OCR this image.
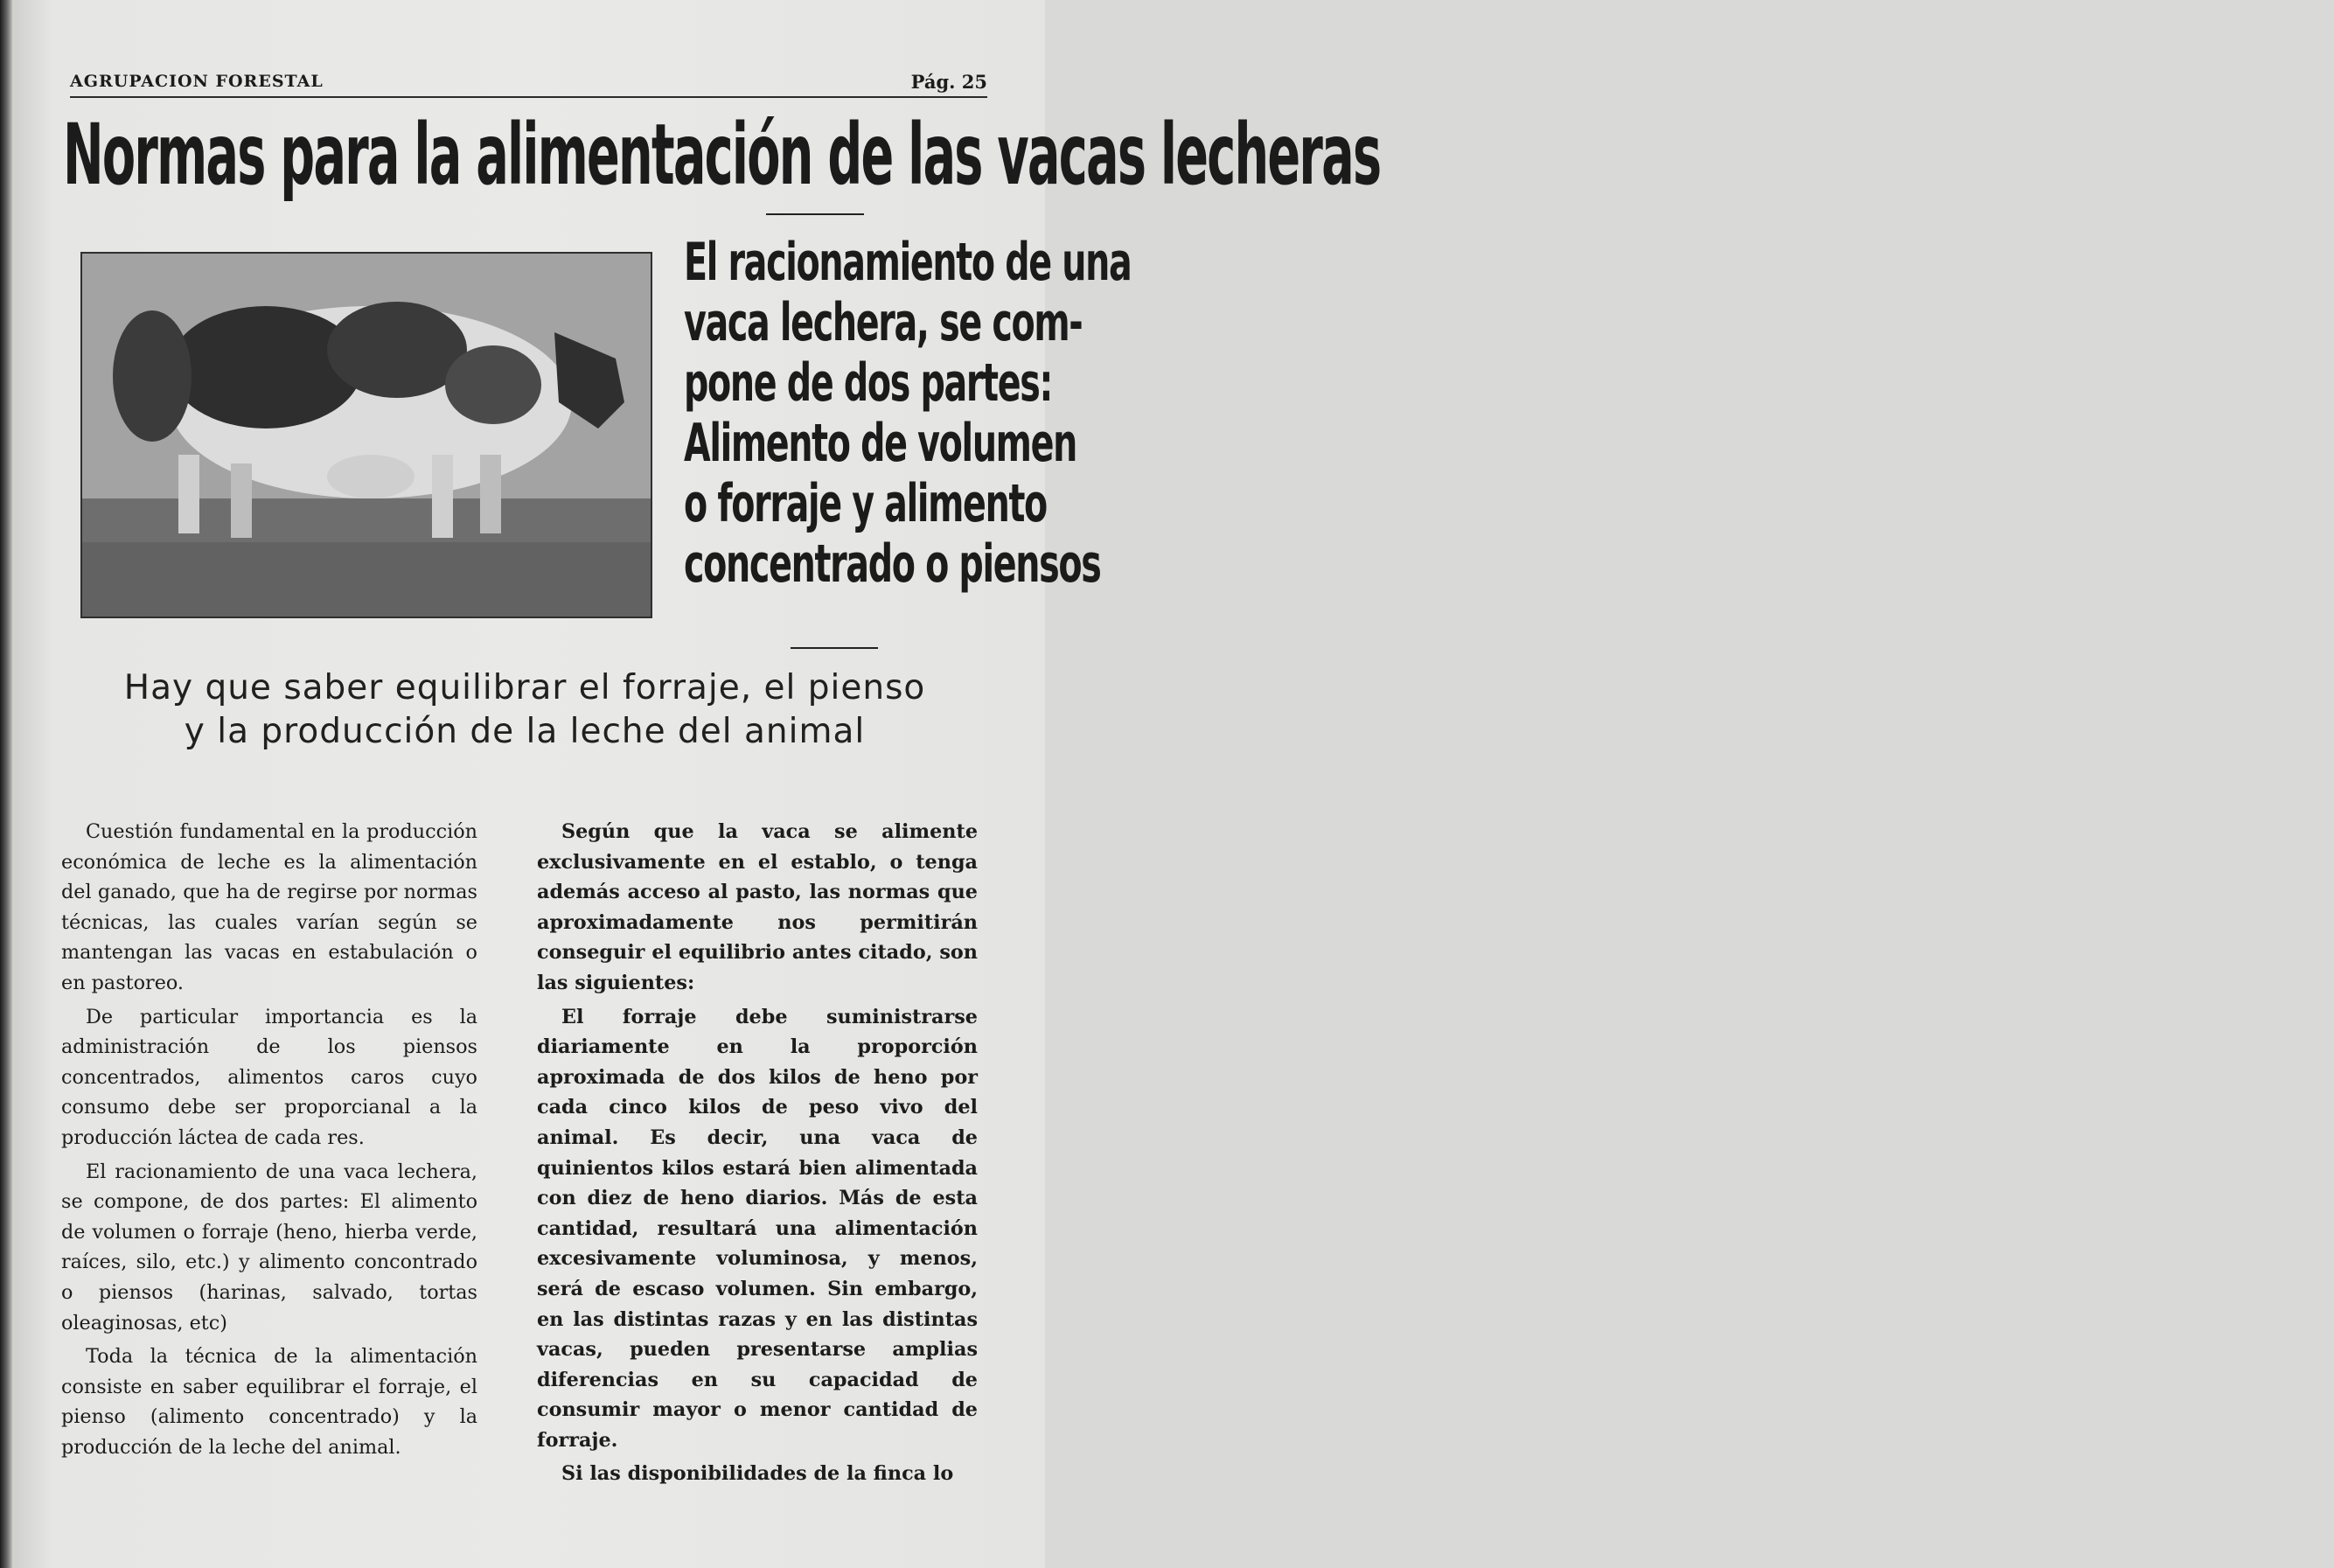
AGRUPACION FORESTAL	Pág. 25
Normas para la alimentación de las vacas lecheras
El racionamiento de una
vaca lechera, se com-
pone de dos partes:
Alimento de volumen
o forraje y alimento
concentrado o piensos
Hay que saber equilibrar el forraje, el pienso
y la producción de la leche del animal

Cuestión fundamental en la producción económica de leche es la alimentación del ganado, que ha de regirse por normas técnicas, las cuales varían según se mantengan las vacas en estabulación o en pastoreo.

De particular importancia es la administración de los piensos concentrados, alimentos caros cuyo consumo debe ser proporcianal a la producción láctea de cada res.

El racionamiento de una vaca lechera, se compone, de dos partes: El alimento de volumen o forraje (heno, hierba verde, raíces, silo, etc.) y alimento concontrado o piensos (harinas, salvado, tortas oleaginosas, etc)

Toda la técnica de la alimentación consiste en saber equilibrar el forraje, el pienso (alimento concentrado) y la producción de la leche del animal.

Según que la vaca se alimente exclusivamente en el establo, o tenga además acceso al pasto, las normas que aproximadamente nos permitirán conseguir el equilibrio antes citado, son las siguientes:

El forraje debe suministrarse diariamente en la proporción aproximada de dos kilos de heno por cada cinco kilos de peso vivo del animal. Es decir, una vaca de quinientos kilos estará bien alimentada con diez de heno diarios. Más de esta cantidad, resultará una alimentación excesivamente voluminosa, y menos, será de escaso volumen. Sin embargo, en las distintas razas y en las distintas vacas, pueden presentarse amplias diferencias en su capacidad de consumir mayor o menor cantidad de forraje.

Si las disponibilidades de la finca lo
